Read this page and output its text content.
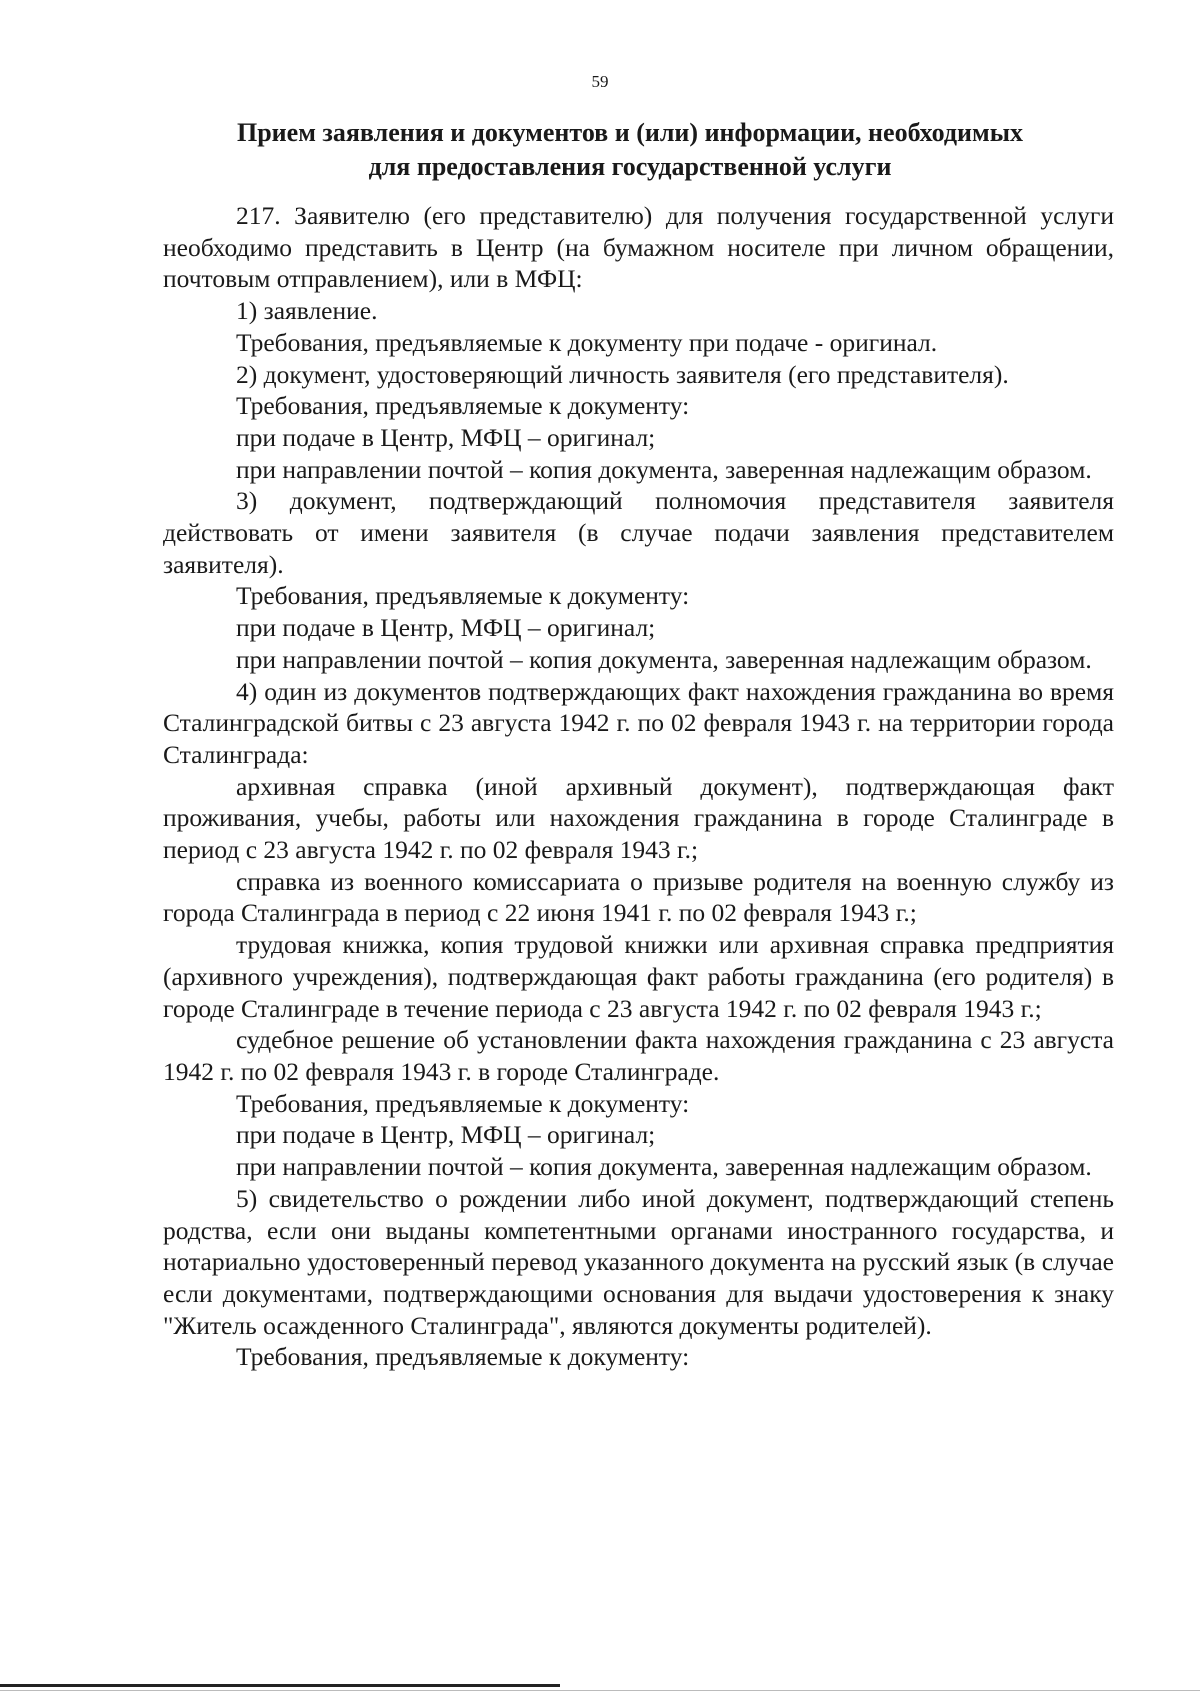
59
Прием заявления и документов и (или) информации, необходимых
для предоставления государственной услуги

217. Заявителю (его представителю) для получения государственной услуги необходимо представить в Центр (на бумажном носителе при личном обращении, почтовым отправлением), или в МФЦ:

1) заявление.

Требования, предъявляемые к документу при подаче - оригинал.

2) документ, удостоверяющий личность заявителя (его представителя).

Требования, предъявляемые к документу:

при подаче в Центр, МФЦ – оригинал;

при направлении почтой – копия документа, заверенная надлежащим образом.

3) документ, подтверждающий полномочия представителя заявителя действовать от имени заявителя (в случае подачи заявления представителем заявителя).

Требования, предъявляемые к документу:

при подаче в Центр, МФЦ – оригинал;

при направлении почтой – копия документа, заверенная надлежащим образом.

4) один из документов подтверждающих факт нахождения гражданина во время Сталинградской битвы с 23 августа 1942 г. по 02 февраля 1943 г. на территории города Сталинграда:

архивная справка (иной архивный документ), подтверждающая факт проживания, учебы, работы или нахождения гражданина в городе Сталинграде в период с 23 августа 1942 г. по 02 февраля 1943 г.;

справка из военного комиссариата о призыве родителя на военную службу из города Сталинграда в период с 22 июня 1941 г. по 02 февраля 1943 г.;

трудовая книжка, копия трудовой книжки или архивная справка предприятия (архивного учреждения), подтверждающая факт работы гражданина (его родителя) в городе Сталинграде в течение периода с 23 августа 1942 г. по 02 февраля 1943 г.;

судебное решение об установлении факта нахождения гражданина с 23 августа 1942 г. по 02 февраля 1943 г. в городе Сталинграде.

Требования, предъявляемые к документу:

при подаче в Центр, МФЦ – оригинал;

при направлении почтой – копия документа, заверенная надлежащим образом.

5) свидетельство о рождении либо иной документ, подтверждающий степень родства, если они выданы компетентными органами иностранного государства, и нотариально удостоверенный перевод указанного документа на русский язык (в случае если документами, подтверждающими основания для выдачи удостоверения к знаку "Житель осажденного Сталинграда", являются документы родителей).

Требования, предъявляемые к документу:
